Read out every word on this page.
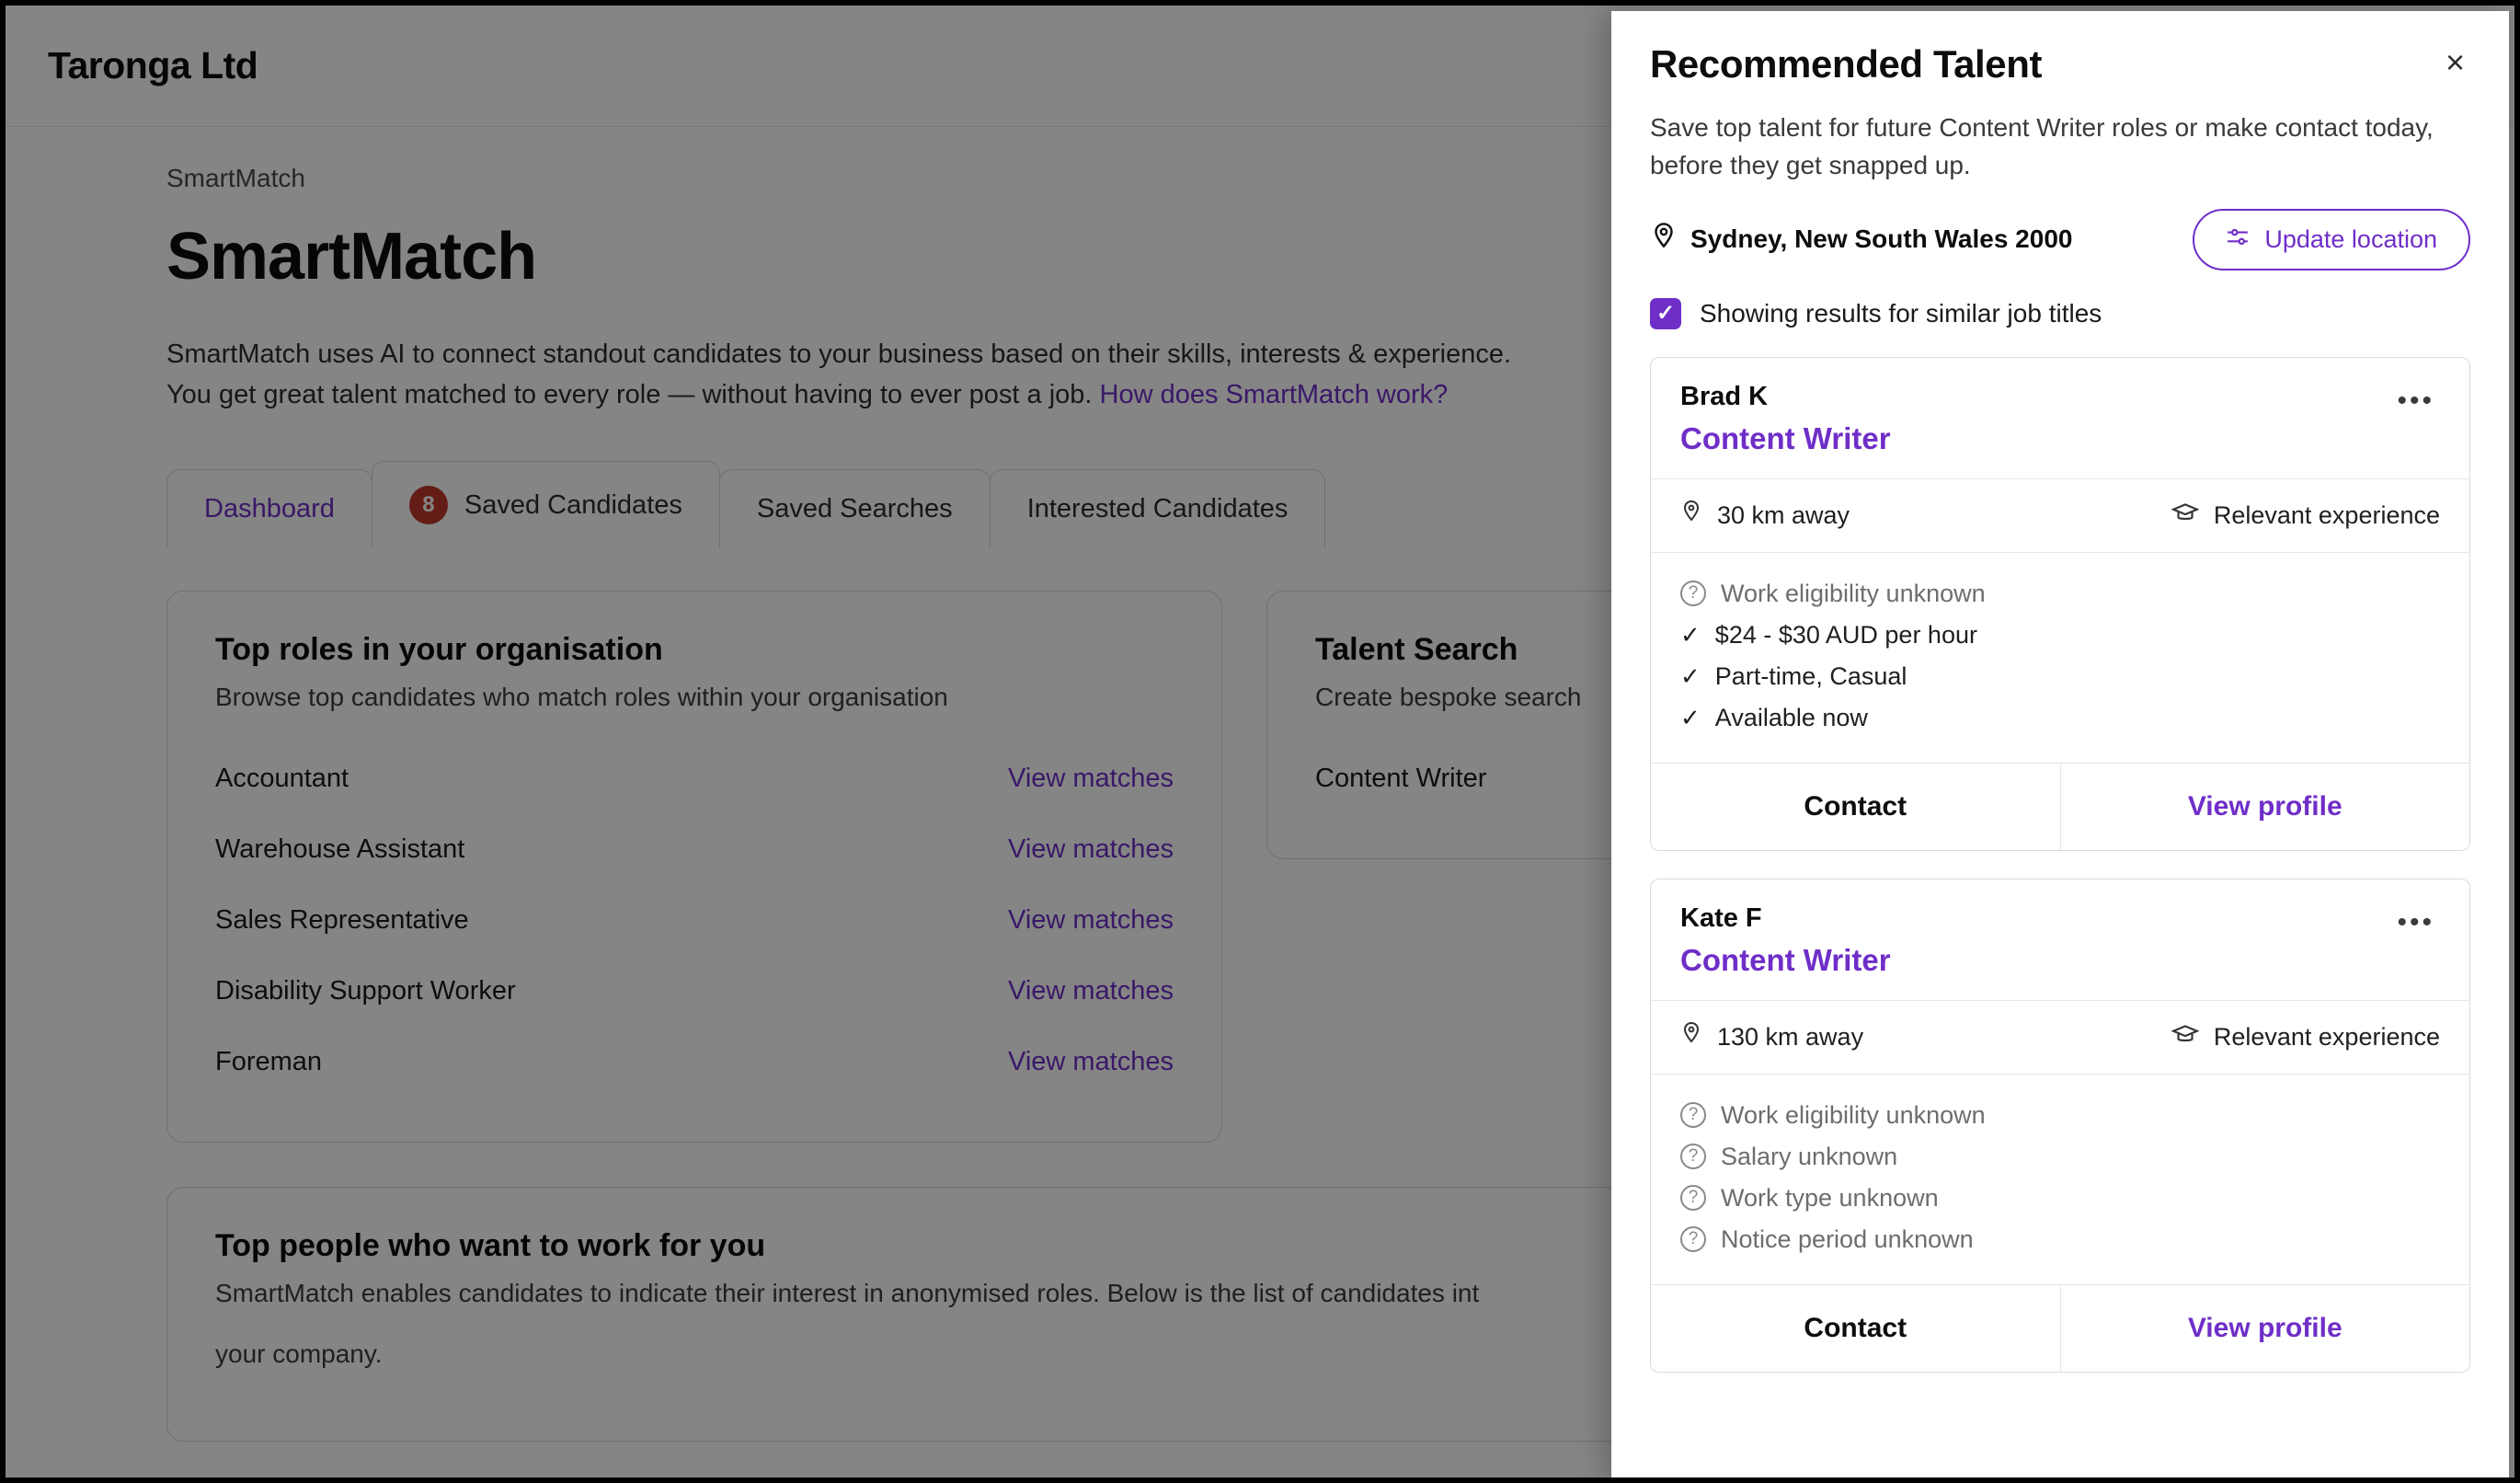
Taronga Ltd
SmartMatch
SmartMatch
SmartMatch uses AI to connect standout candidates to your business based on their skills, interests & experience.
You get great talent matched to every role — without having to ever post a job. How does SmartMatch work?
Dashboard	8	Saved Candidates	Saved Searches	Interested Candidates
Top roles in your organisation
Browse top candidates who match roles within your organisation
Accountant	View matches
Warehouse Assistant	View matches
Sales Representative	View matches
Disability Support Worker	View matches
Foreman	View matches
Talent Search
Create bespoke search
Content Writer
Top people who want to work for you
SmartMatch enables candidates to indicate their interest in anonymised roles. Below is the list of candidates int
your company.
Recommended Talent	×
Save top talent for future Content Writer roles or make contact today, before they get snapped up.
Sydney, New South Wales 2000	Update location
✓ Showing results for similar job titles
Brad K
Content Writer
•••
30 km away	Relevant experience
? Work eligibility unknown
✓ $24 - $30 AUD per hour
✓ Part-time, Casual
✓ Available now
Contact	View profile
Kate F
Content Writer
•••
130 km away	Relevant experience
? Work eligibility unknown
? Salary unknown
? Work type unknown
? Notice period unknown
Contact	View profile
